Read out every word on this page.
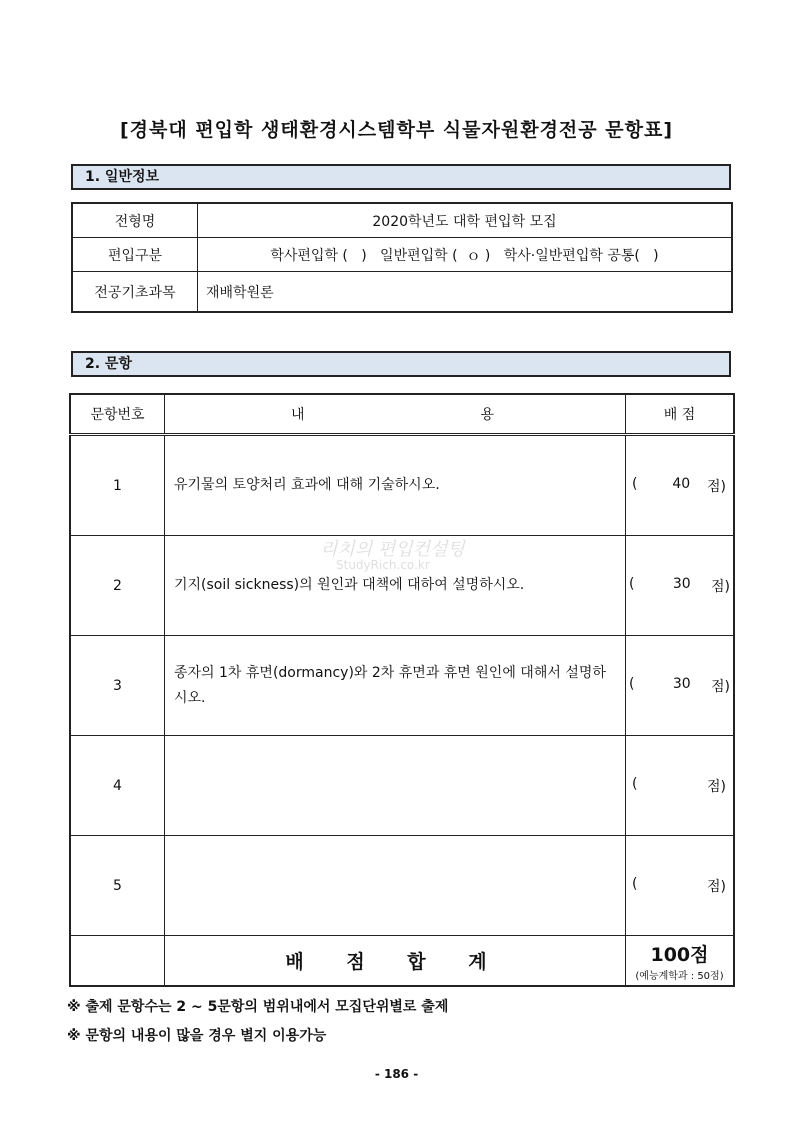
[경북대 편입학 생태환경시스템학부 식물자원환경전공 문항표]
1. 일반정보
전형명	2020학년도 대학 편입학 모집
편입구분	학사편입학 (   )   일반편입학 (  ｏ )   학사·일반편입학 공통(   )
전공기초과목	재배학원론
2. 문항
문항번호	내 용	배 점
1	유기물의 토양처리 효과에 대해 기술하시오.	( 40 점)

2	기지(soil sickness)의 원인과 대책에 대하여 설명하시오.	( 30 점)

3	종자의 1차 휴면(dormancy)와 2차 휴면과 휴면 원인에 대해서 설명하시오.	( 30 점)

4		( 점)

5		( 점)

	배 점 합 계	100점
(예능계학과 : 50점)
리치의 편입컨설팅
StudyRich.co.kr
※ 출제 문항수는 2 ~ 5문항의 범위내에서 모집단위별로 출제
※ 문항의 내용이 많을 경우 별지 이용가능
- 186 -
